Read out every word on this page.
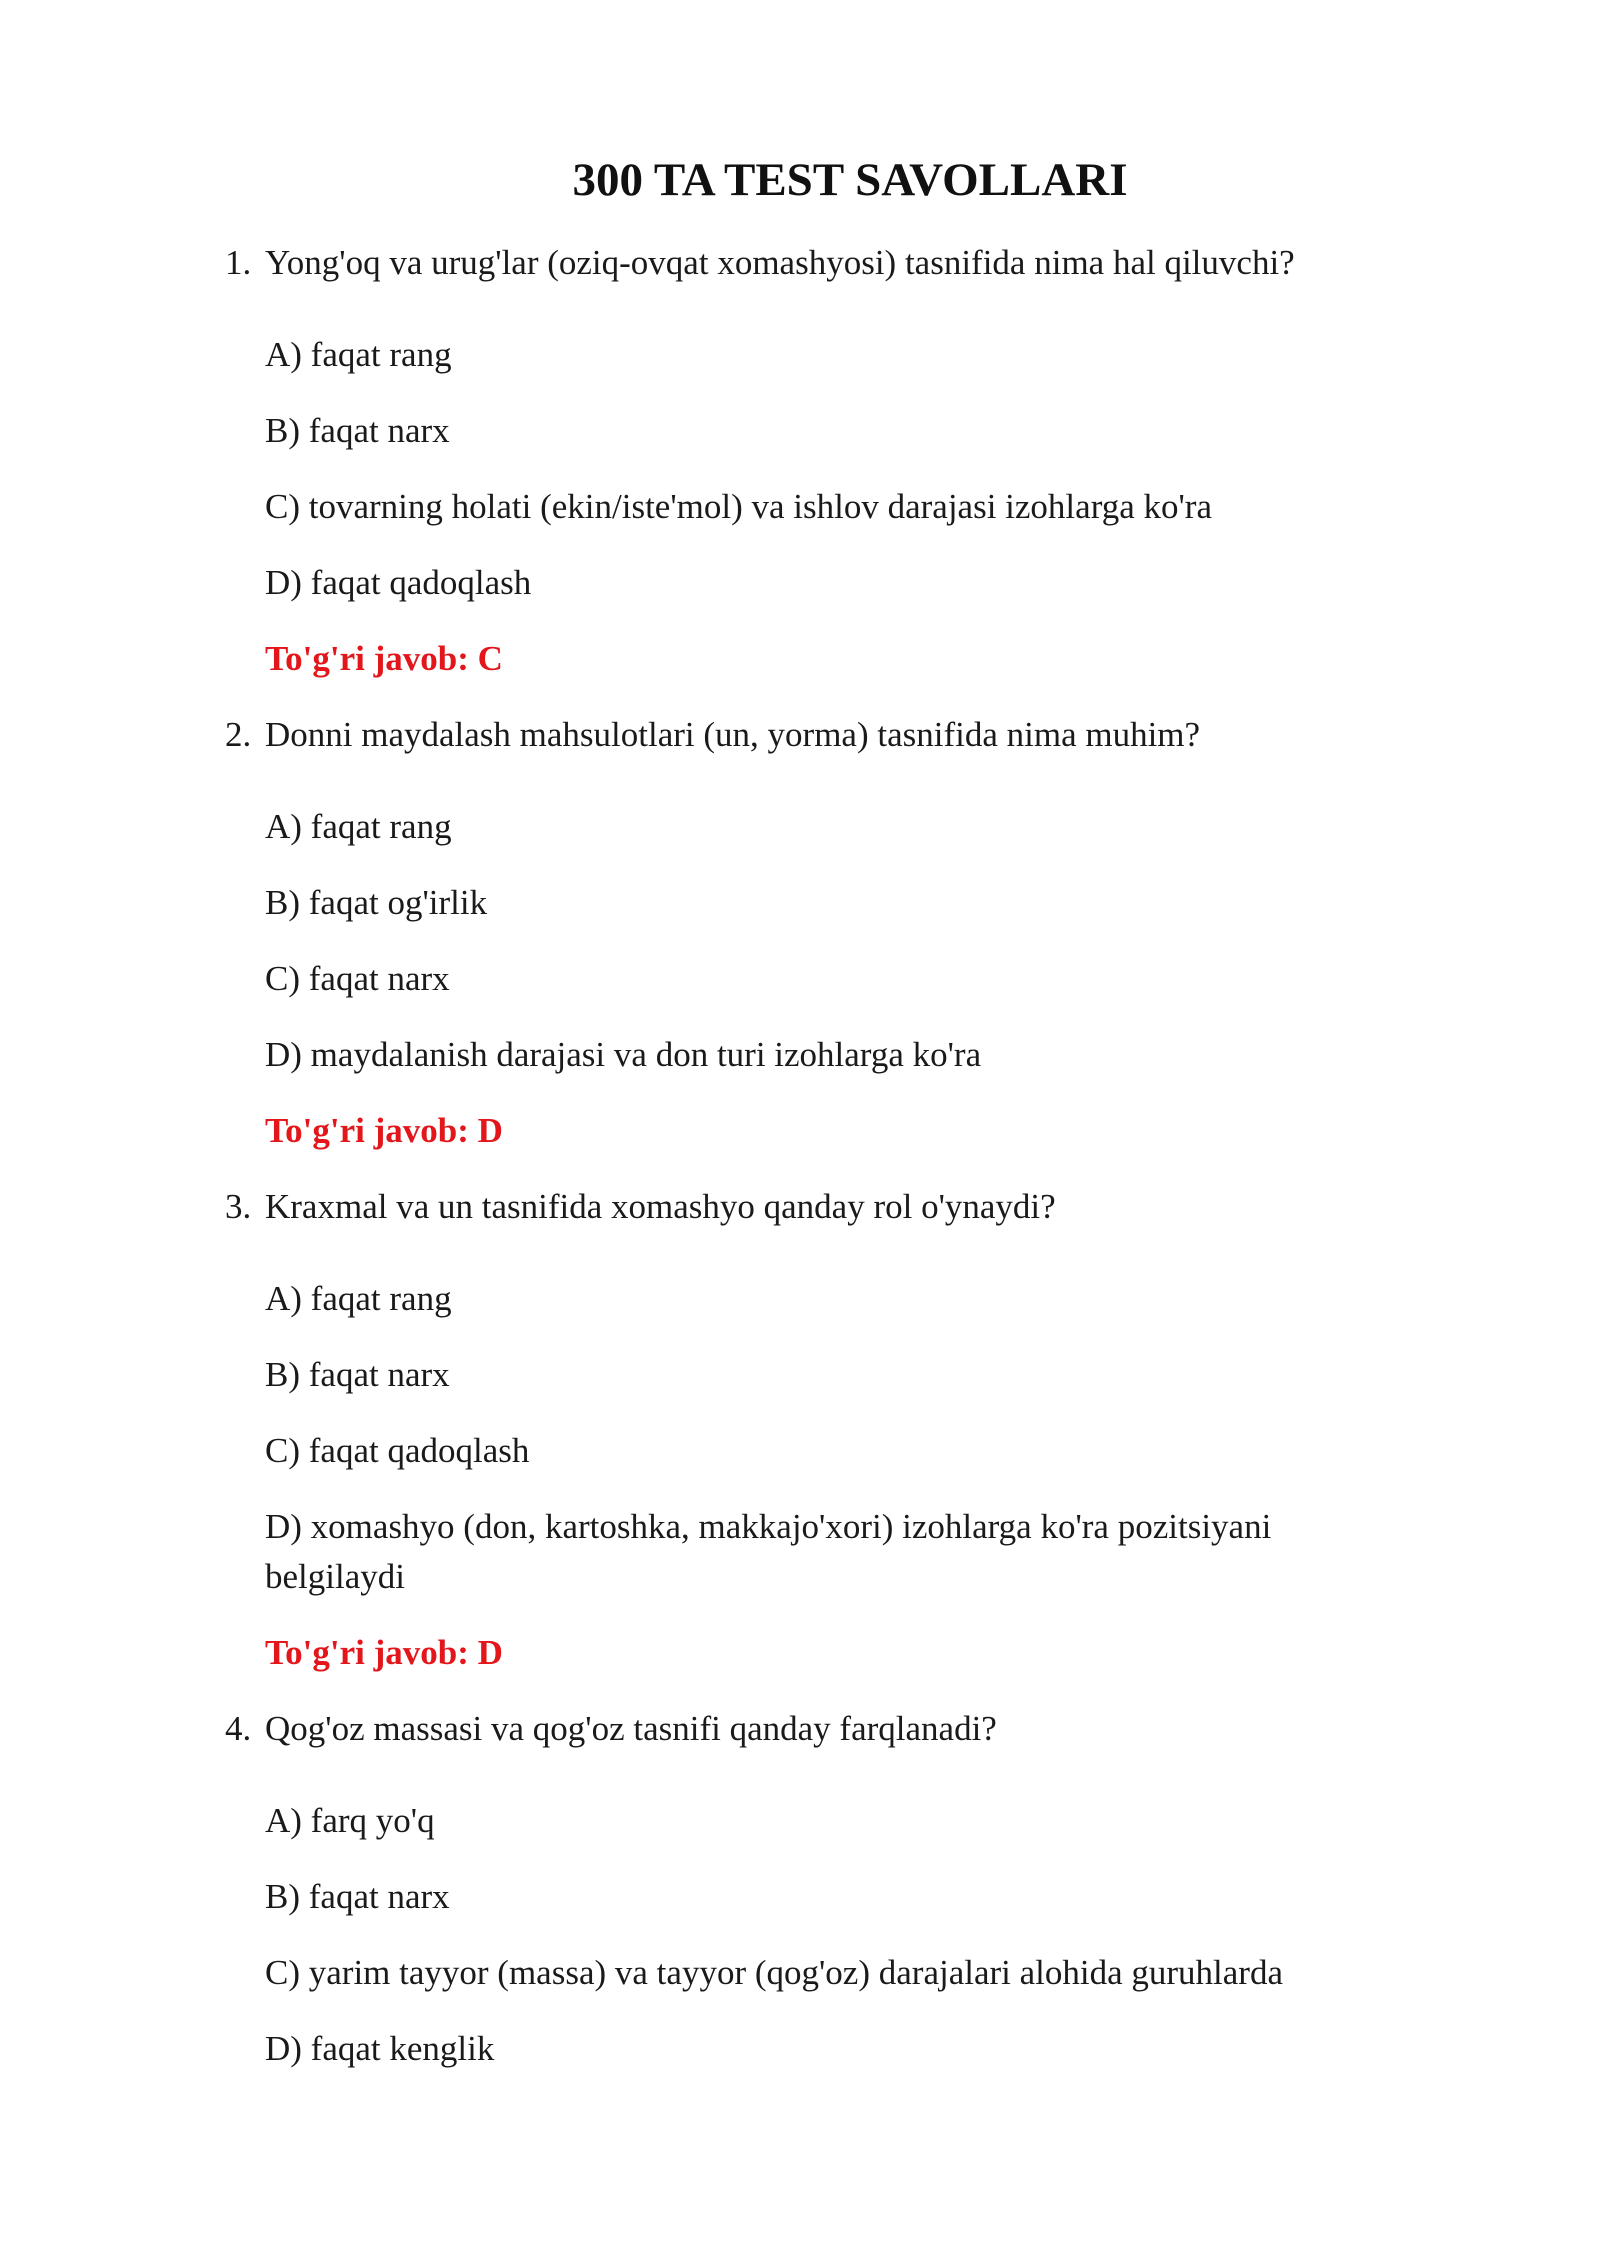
300 TA TEST SAVOLLARI
1. Yong'oq va urug'lar (oziq-ovqat xomashyosi) tasnifida nima hal qiluvchi?
A) faqat rang
B) faqat narx
C) tovarning holati (ekin/iste'mol) va ishlov darajasi izohlarga ko'ra
D) faqat qadoqlash
To'g'ri javob: C
2. Donni maydalash mahsulotlari (un, yorma) tasnifida nima muhim?
A) faqat rang
B) faqat og'irlik
C) faqat narx
D) maydalanish darajasi va don turi izohlarga ko'ra
To'g'ri javob: D
3. Kraxmal va un tasnifida xomashyo qanday rol o'ynaydi?
A) faqat rang
B) faqat narx
C) faqat qadoqlash
D) xomashyo (don, kartoshka, makkajo'xori) izohlarga ko'ra pozitsiyani belgilaydi
To'g'ri javob: D
4. Qog'oz massasi va qog'oz tasnifi qanday farqlanadi?
A) farq yo'q
B) faqat narx
C) yarim tayyor (massa) va tayyor (qog'oz) darajalari alohida guruhlarda
D) faqat kenglik
